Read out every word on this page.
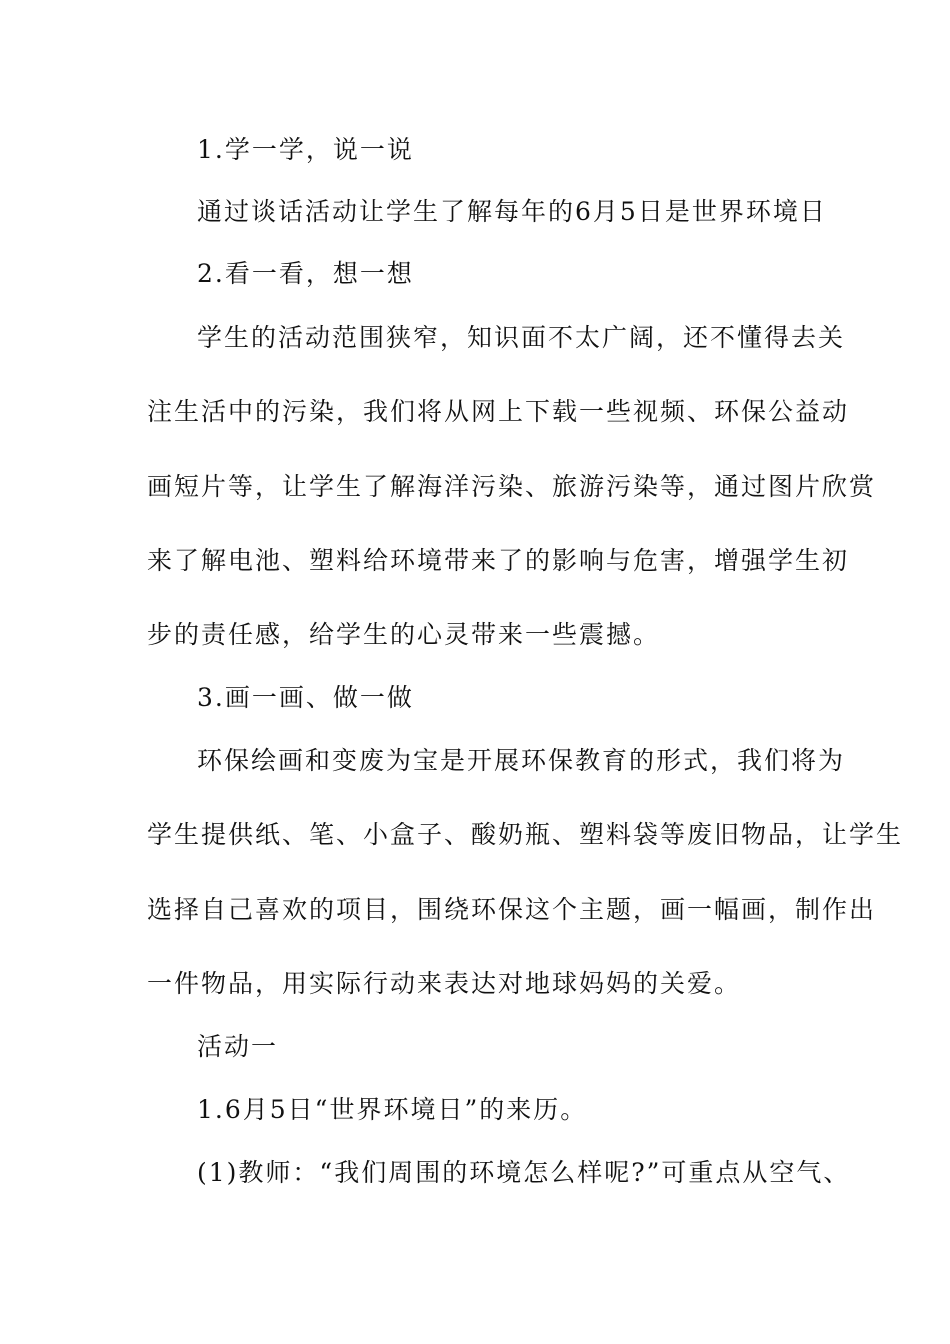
1.学一学，说一说
通过谈话活动让学生了解每年的6月5日是世界环境日
2.看一看，想一想
学生的活动范围狭窄，知识面不太广阔，还不懂得去关
注生活中的污染，我们将从网上下载一些视频、环保公益动
画短片等，让学生了解海洋污染、旅游污染等，通过图片欣赏
来了解电池、塑料给环境带来了的影响与危害，增强学生初
步的责任感，给学生的心灵带来一些震撼。
3.画一画、做一做
环保绘画和变废为宝是开展环保教育的形式，我们将为
学生提供纸、笔、小盒子、酸奶瓶、塑料袋等废旧物品，让学生
选择自己喜欢的项目，围绕环保这个主题，画一幅画，制作出
一件物品，用实际行动来表达对地球妈妈的关爱。
活动一
1.6月5日“世界环境日”的来历。
(1)教师：“我们周围的环境怎么样呢?”可重点从空气、
